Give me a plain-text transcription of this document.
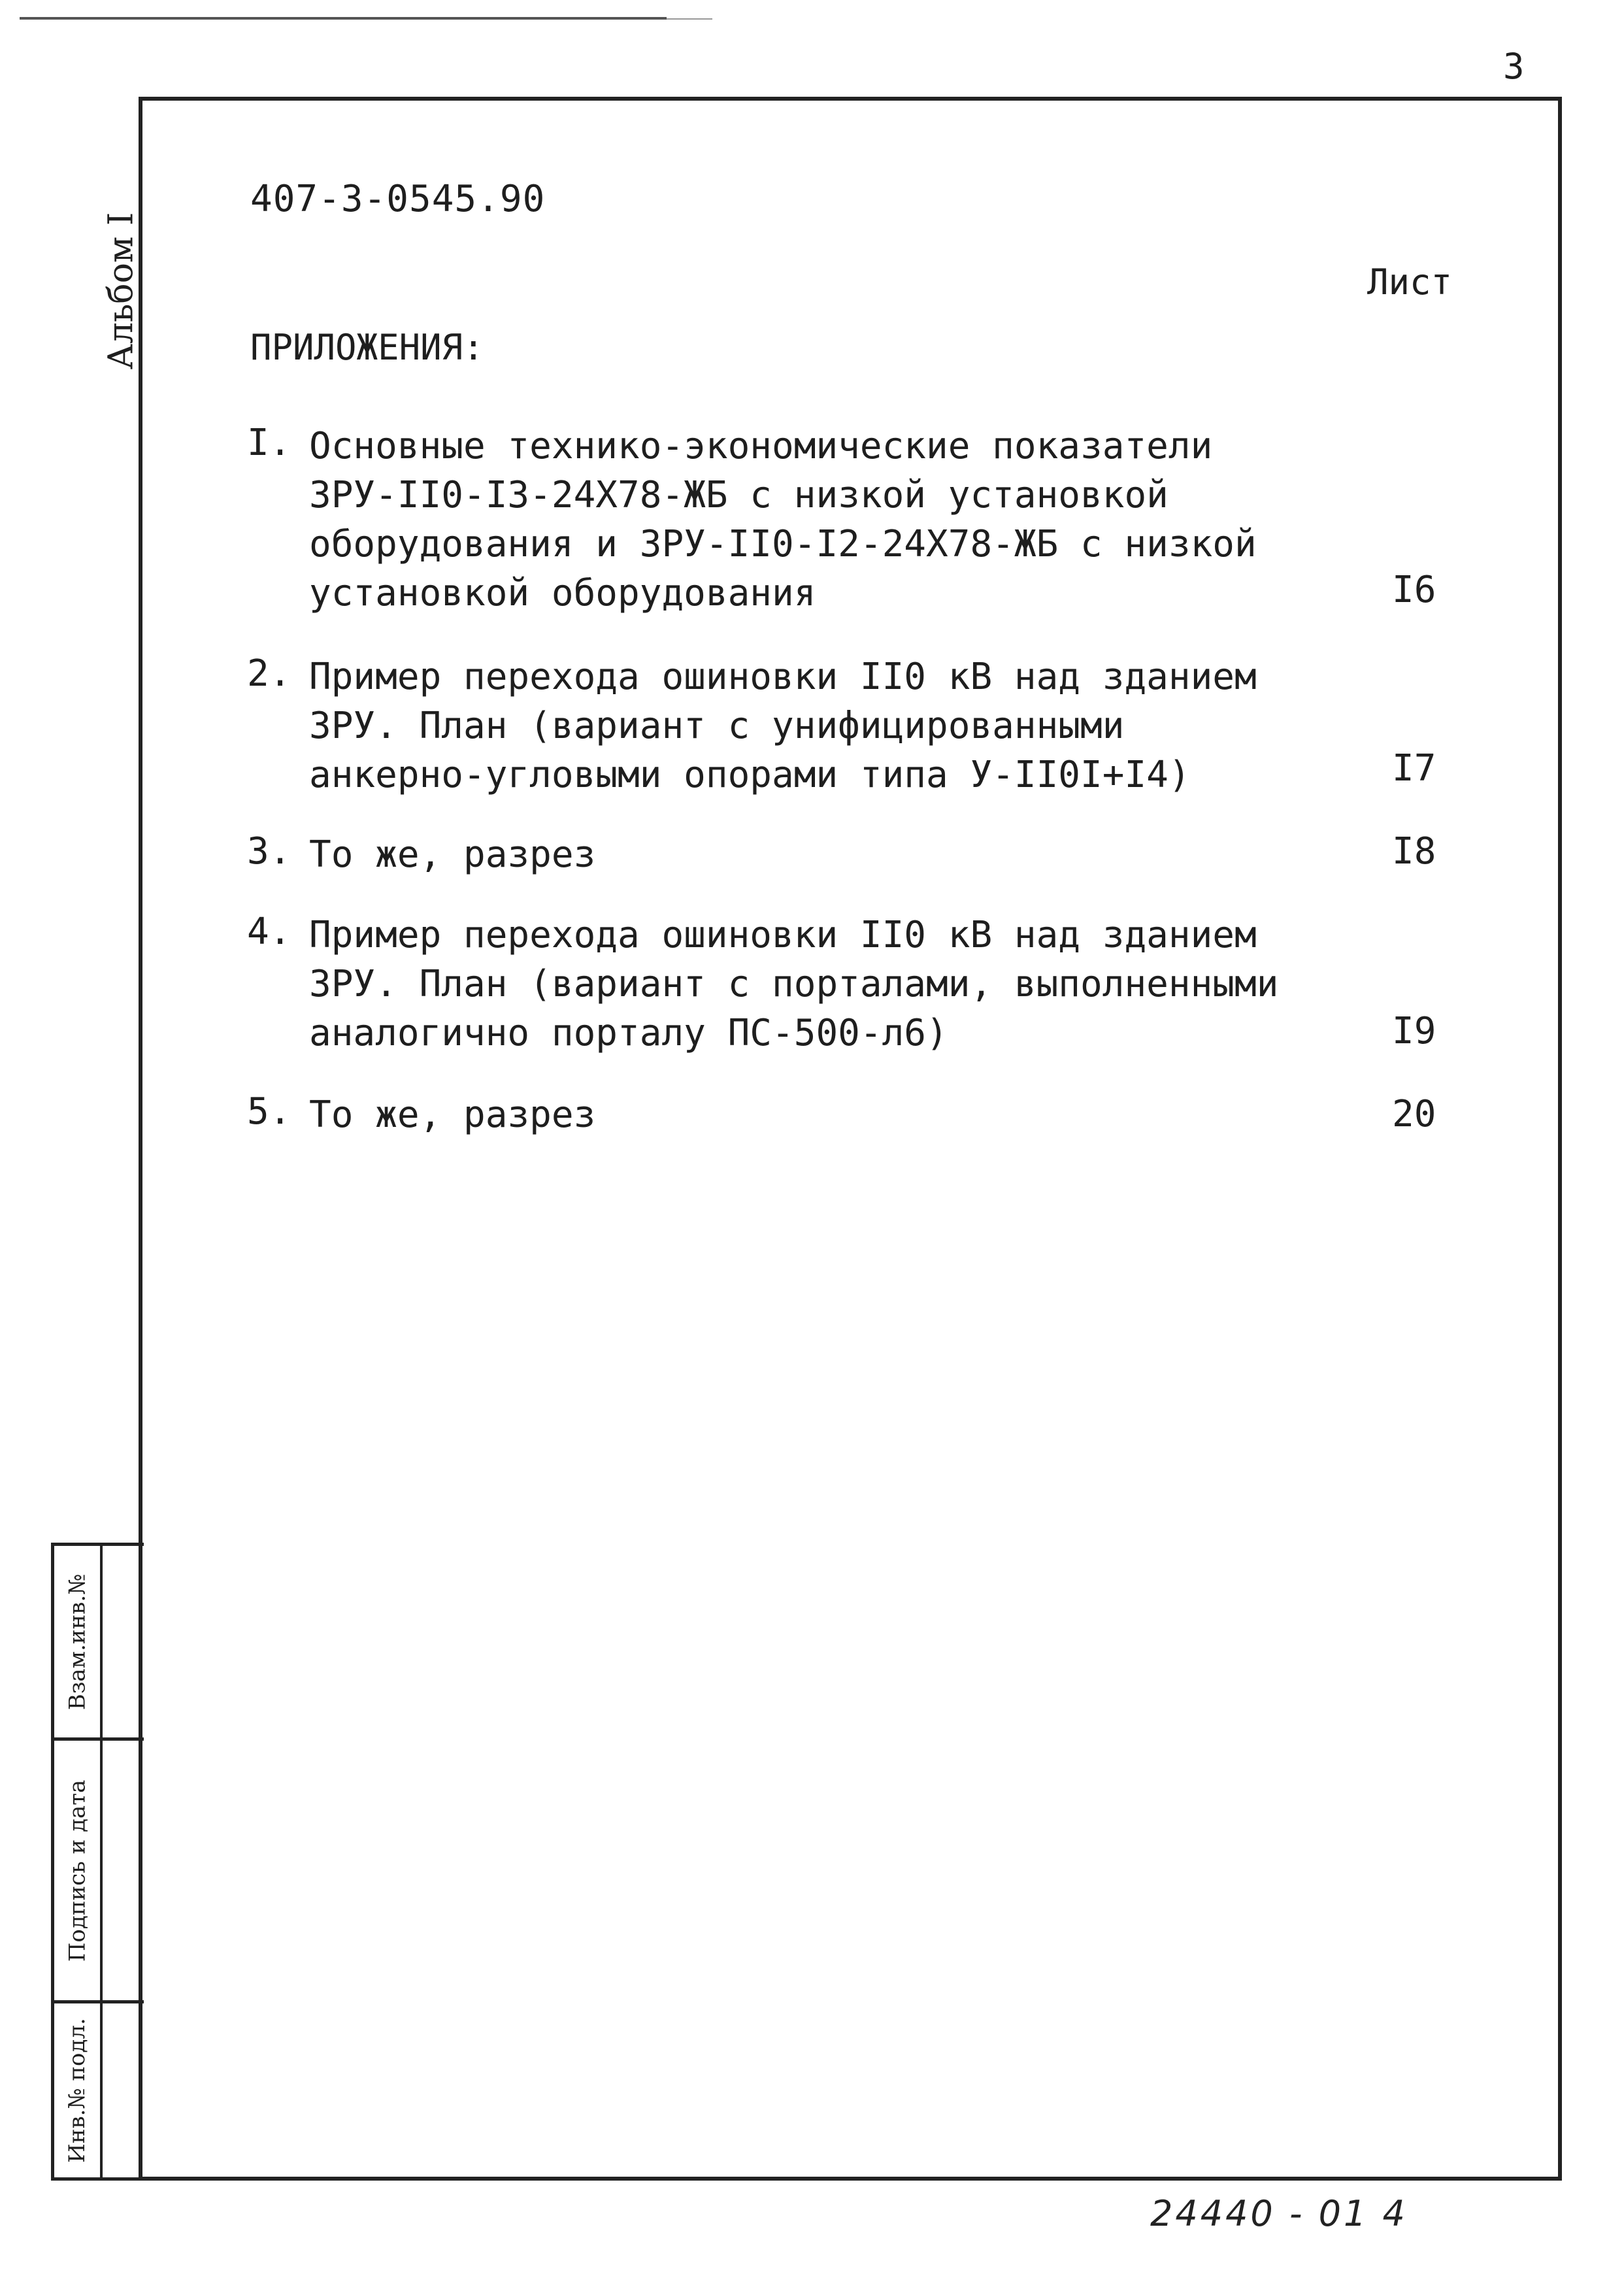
3
Альбом I
407-3-0545.90
Лист
ПРИЛОЖЕНИЯ:
I. Основные технико-экономические показатели
ЗРУ-II0-I3-24Х78-ЖБ с низкой установкой
оборудования и ЗРУ-II0-I2-24Х78-ЖБ с низкой
установкой оборудования	I6
2. Пример перехода ошиновки II0 кВ над зданием
ЗРУ. План (вариант с унифицированными
анкерно-угловыми опорами типа У-II0I+I4)	I7
3. То же, разрез	I8
4. Пример перехода ошиновки II0 кВ над зданием
ЗРУ. План (вариант с порталами, выполненными
аналогично порталу ПС-500-л6)	I9
5. То же, разрез	20
Взам.инв.№
Подпись и дата
Инв.№ подл.
24440 - 01 4
